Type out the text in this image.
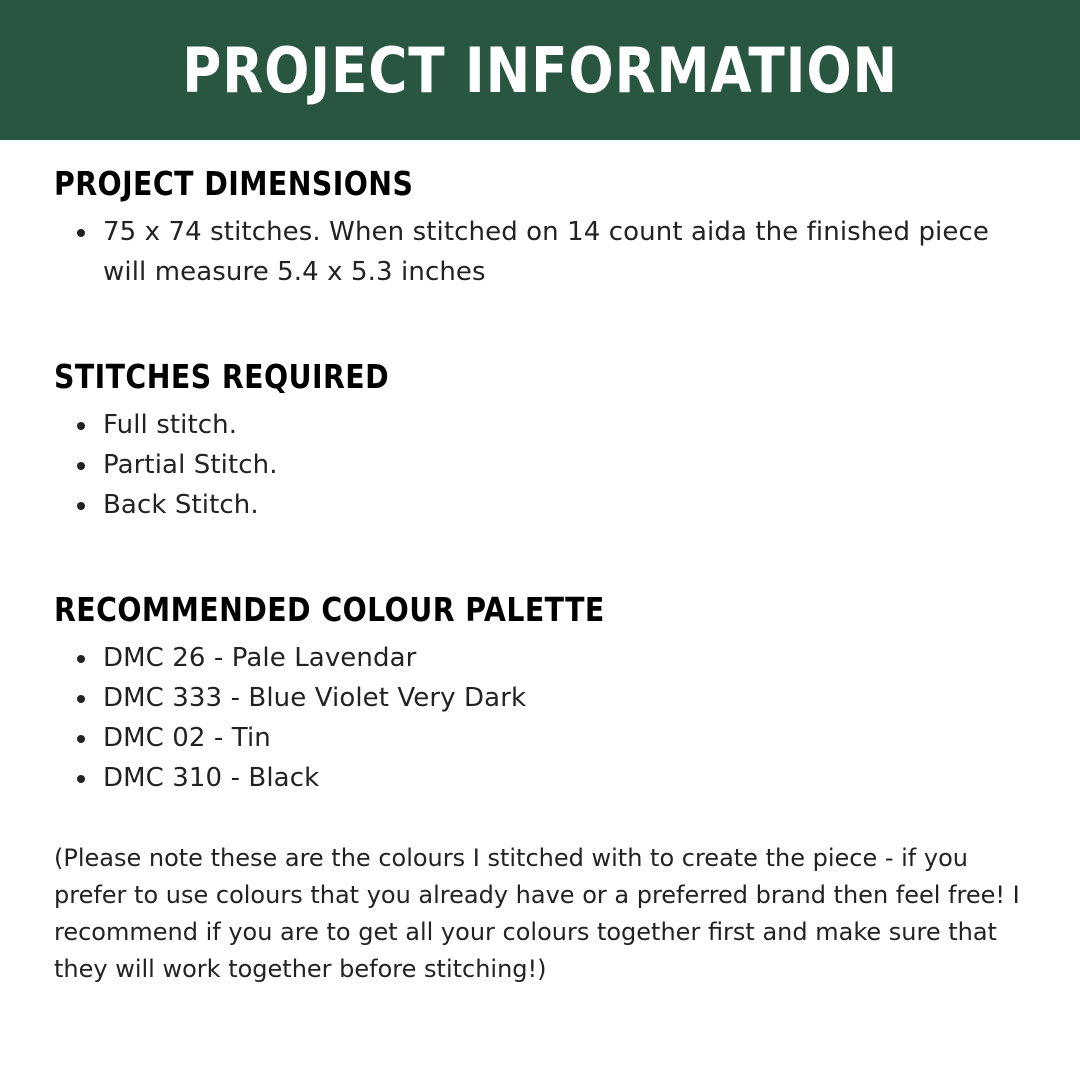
PROJECT INFORMATION
PROJECT DIMENSIONS
75 x 74 stitches. When stitched on 14 count aida the finished piece will measure 5.4 x 5.3 inches
STITCHES REQUIRED
Full stitch.
Partial Stitch.
Back Stitch.
RECOMMENDED COLOUR PALETTE
DMC 26 - Pale Lavendar
DMC 333 - Blue Violet Very Dark
DMC 02 - Tin
DMC 310 - Black

(Please note these are the colours I stitched with to create the piece - if you prefer to use colours that you already have or a preferred brand then feel free! I recommend if you are to get all your colours together first and make sure that they will work together before stitching!)
